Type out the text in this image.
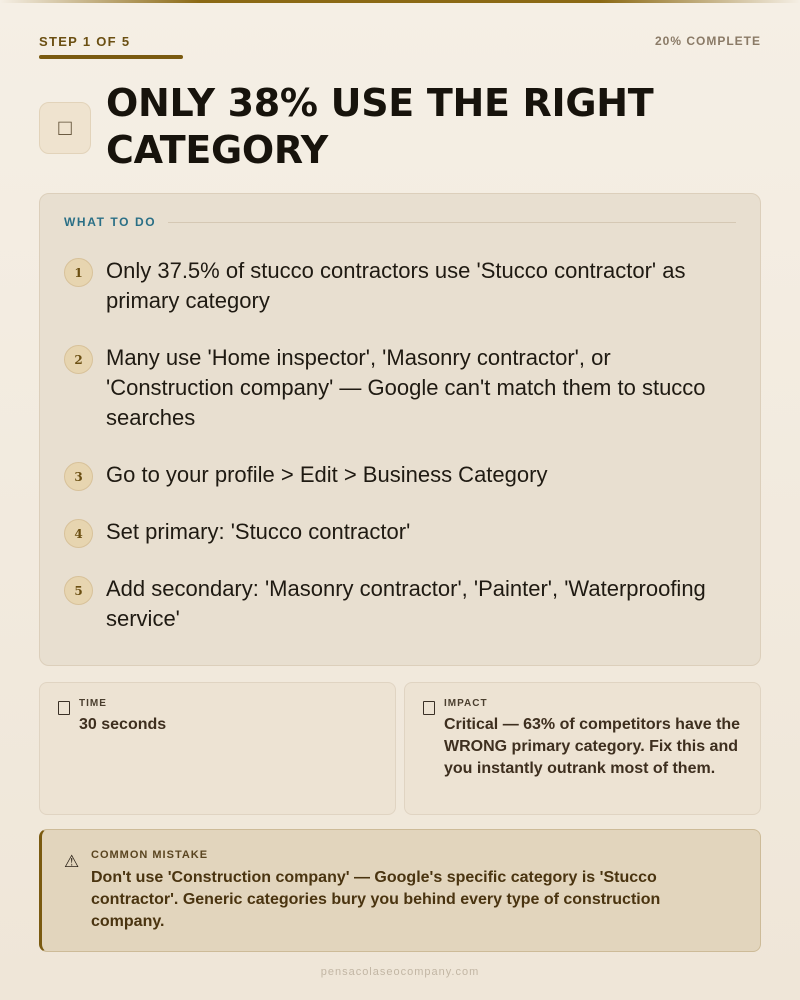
STEP 1 OF 5	20% COMPLETE
□
ONLY 38% USE THE RIGHT CATEGORY
WHAT TO DO
1	Only 37.5% of stucco contractors use 'Stucco contractor' as primary category
2	Many use 'Home inspector', 'Masonry contractor', or 'Construction company' — Google can't match them to stucco searches
3	Go to your profile > Edit > Business Category
4	Set primary: 'Stucco contractor'
5	Add secondary: 'Masonry contractor', 'Painter', 'Waterproofing service'
TIME
30 seconds
IMPACT
Critical — 63% of competitors have the WRONG primary category. Fix this and you instantly outrank most of them.
⚠ COMMON MISTAKE
Don't use 'Construction company' — Google's specific category is 'Stucco contractor'. Generic categories bury you behind every type of construction company.
pensacolaseocompany.com
